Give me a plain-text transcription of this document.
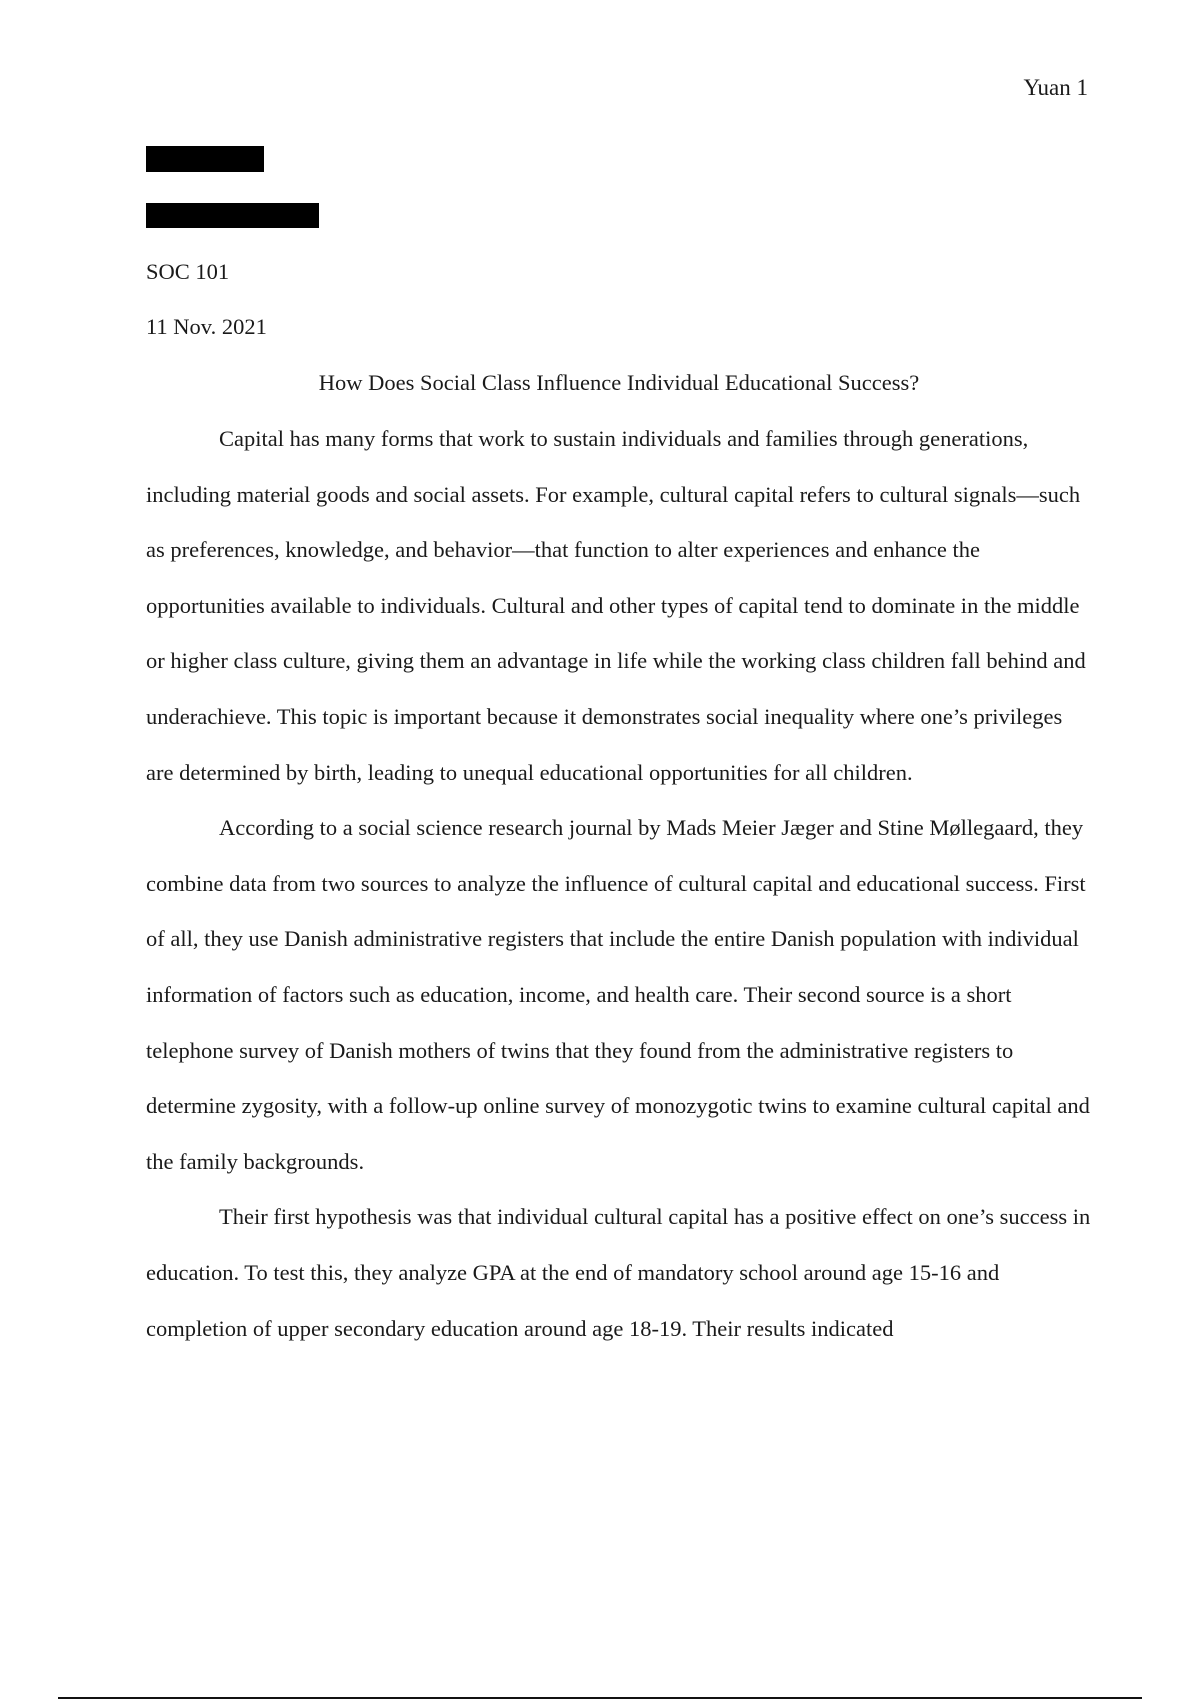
Yuan 1
SOC 101
11 Nov. 2021
How Does Social Class Influence Individual Educational Success?

Capital has many forms that work to sustain individuals and families through generations, including material goods and social assets. For example, cultural capital refers to cultural signals—such as preferences, knowledge, and behavior—that function to alter experiences and enhance the opportunities available to individuals. Cultural and other types of capital tend to dominate in the middle or higher class culture, giving them an advantage in life while the working class children fall behind and underachieve. This topic is important because it demonstrates social inequality where one’s privileges are determined by birth, leading to unequal educational opportunities for all children.

According to a social science research journal by Mads Meier Jæger and Stine Møllegaard, they combine data from two sources to analyze the influence of cultural capital and educational success. First of all, they use Danish administrative registers that include the entire Danish population with individual information of factors such as education, income, and health care. Their second source is a short telephone survey of Danish mothers of twins that they found from the administrative registers to determine zygosity, with a follow-up online survey of monozygotic twins to examine cultural capital and the family backgrounds.

Their first hypothesis was that individual cultural capital has a positive effect on one’s success in education. To test this, they analyze GPA at the end of mandatory school around age 15-16 and completion of upper secondary education around age 18-19. Their results indicated
